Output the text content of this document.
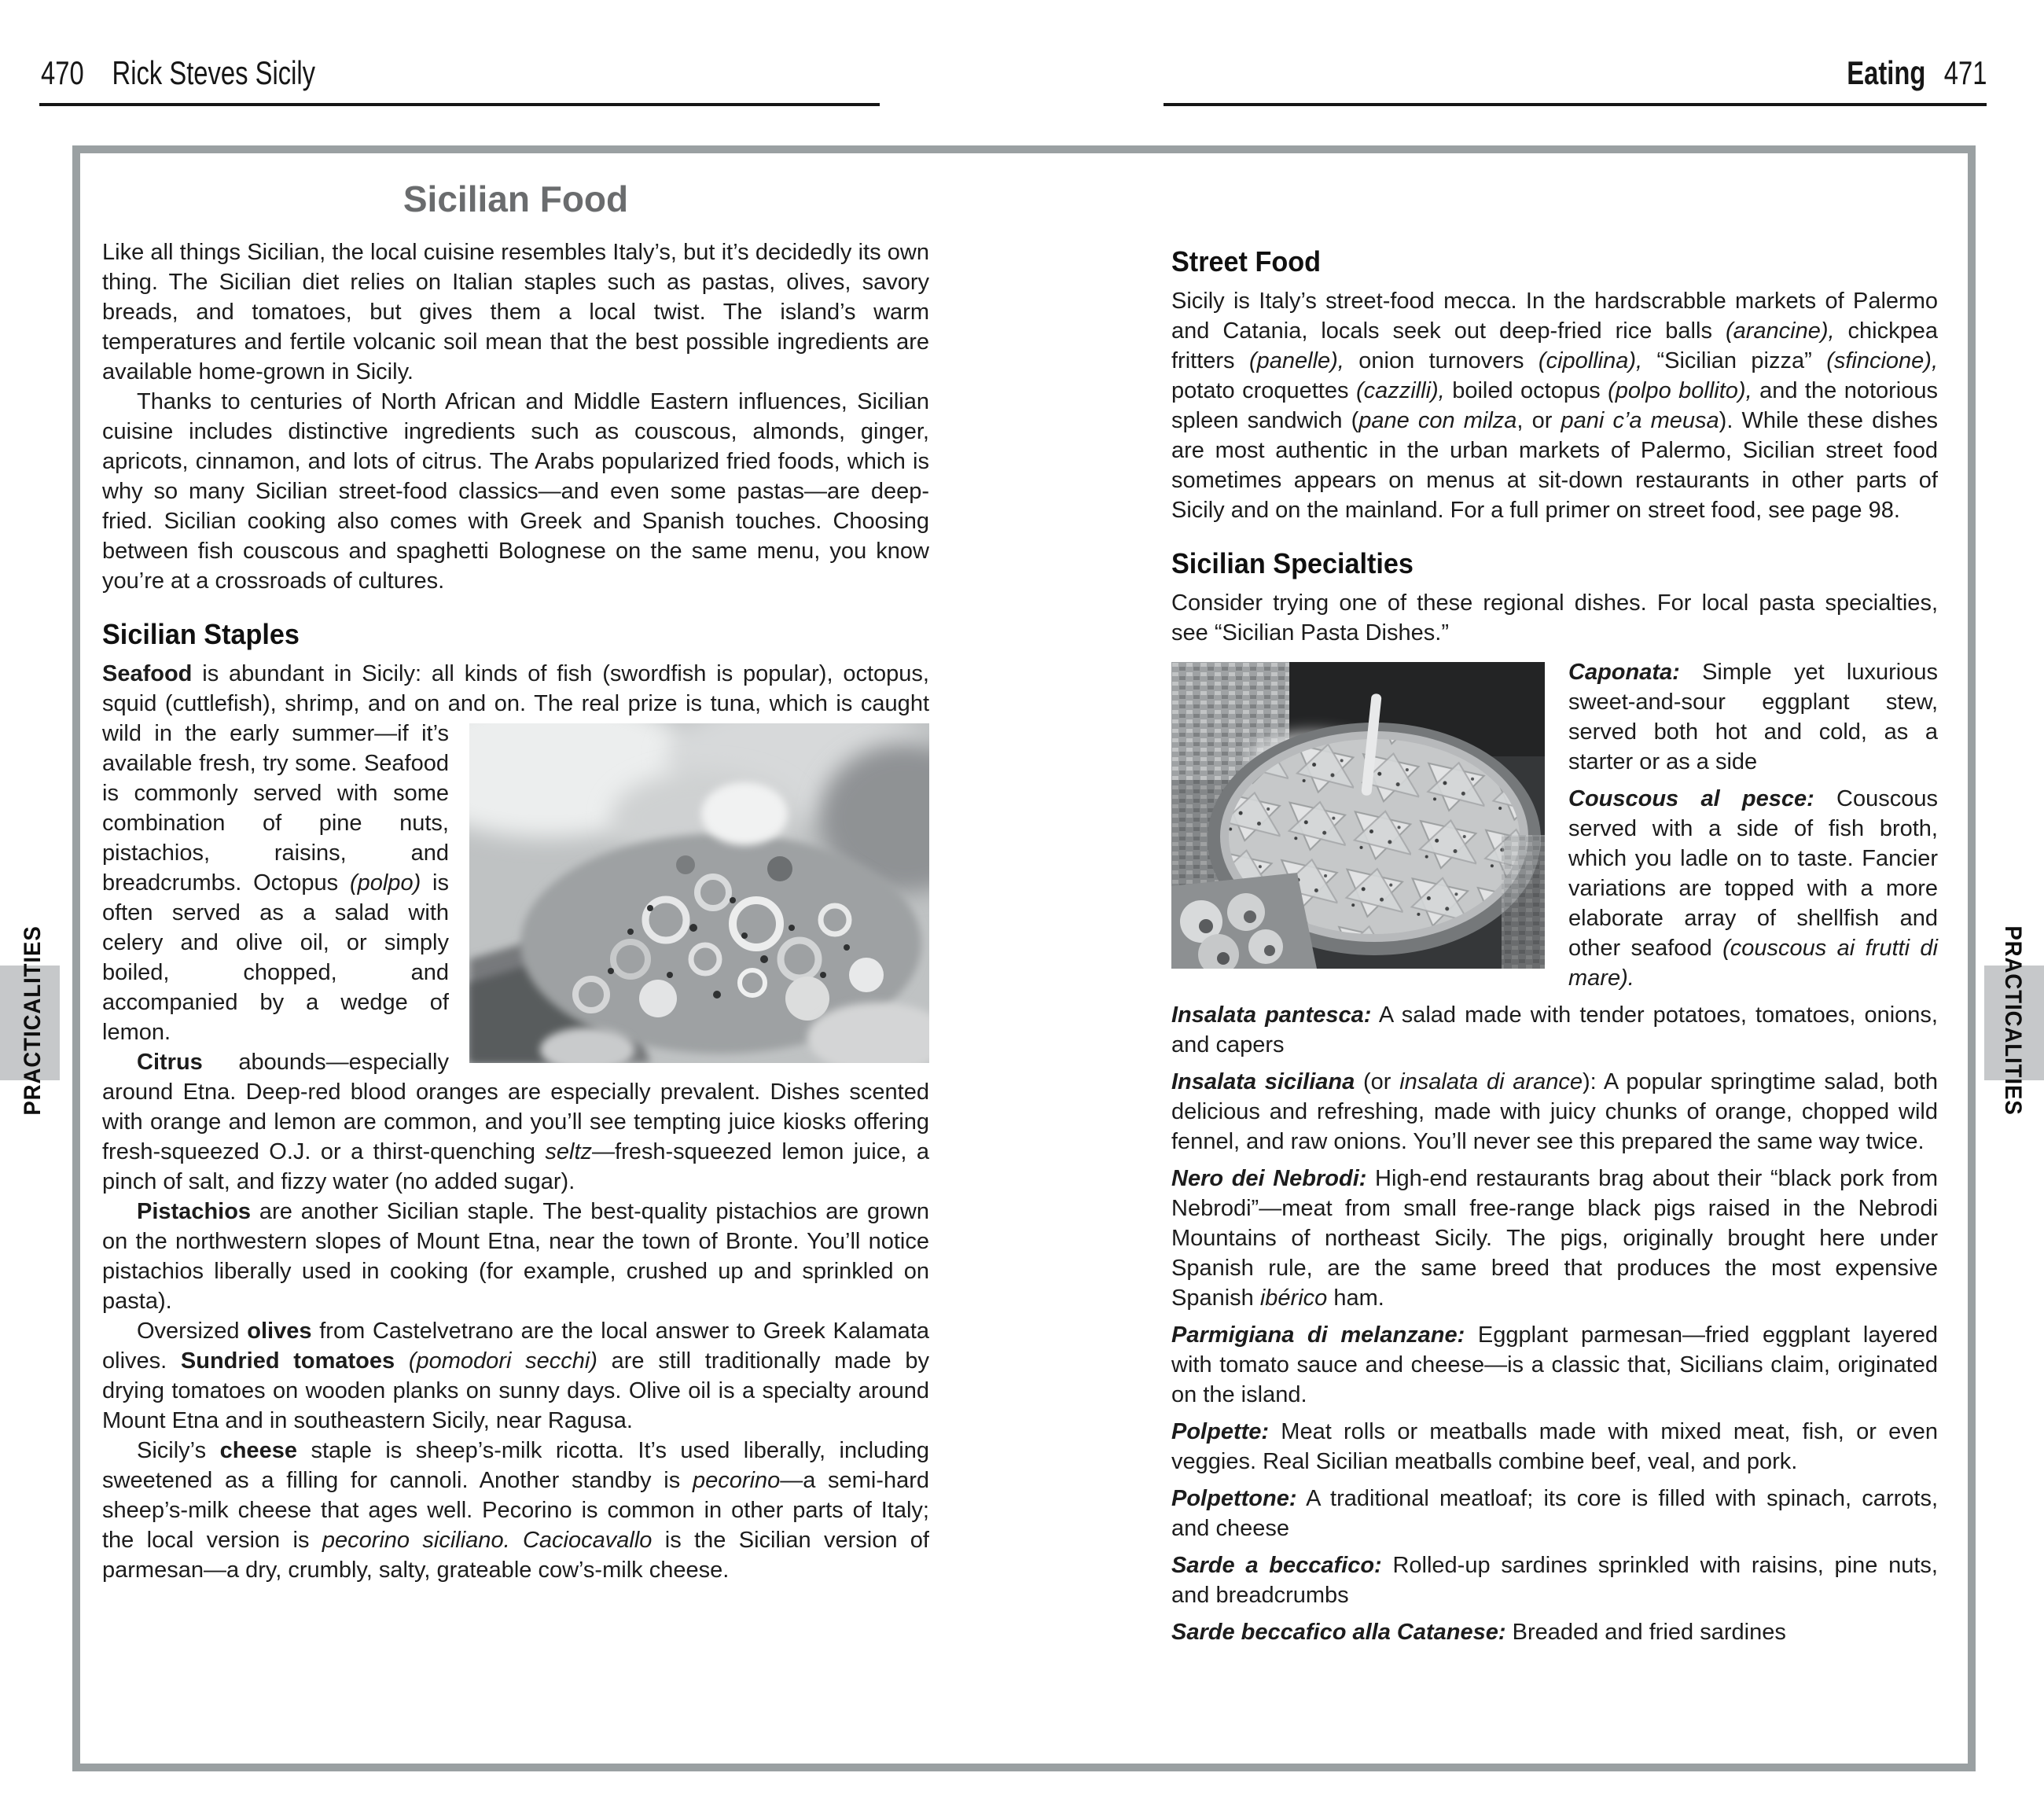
470 Rick Steves Sicily	Eating 471
PRACTICALITIES	PRACTICALITIES
Sicilian Food

Like all things Sicilian, the local cuisine resembles Italy’s, but it’s decidedly its own thing. The Sicilian diet relies on Italian staples such as pastas, olives, savory breads, and tomatoes, but gives them a local twist. The island’s warm temperatures and fertile volcanic soil mean that the best possible ingredients are available home-grown in Sicily.

Thanks to centuries of North African and Middle Eastern influences, Sicilian cuisine includes distinctive ingredients such as couscous, almonds, ginger, apricots, cinnamon, and lots of citrus. The Arabs popularized fried foods, which is why so many Sicilian street-food classics—and even some pastas—are deep-fried. Sicilian cooking also comes with Greek and Spanish touches. Choosing between fish couscous and spaghetti Bolognese on the same menu, you know you’re at a crossroads of cultures.

Sicilian Staples

Seafood is abundant in Sicily: all kinds of fish (swordfish is popular), octopus, squid (cuttlefish), shrimp, and on and on. The real
prize is tuna, which is caught wild in the early summer—if it’s available fresh, try some. Seafood is commonly served with some combination of pine nuts, pistachios, raisins, and breadcrumbs. Octopus (polpo) is often served as a salad with celery and olive oil, or simply boiled, chopped, and accompanied by a wedge of lemon.

Citrus abounds—especially around Etna. Deep-red blood oranges are especially prevalent. Dishes scented with orange and lemon are common, and you’ll see tempting juice kiosks offering fresh-squeezed O.J. or a thirst-quenching seltz—fresh-squeezed lemon juice, a pinch of salt, and fizzy water (no added sugar).

Pistachios are another Sicilian staple. The best-quality pistachios are grown on the northwestern slopes of Mount Etna, near the town of Bronte. You’ll notice pistachios liberally used in cooking (for example, crushed up and sprinkled on pasta).

Oversized olives from Castelvetrano are the local answer to Greek Kalamata olives. Sundried tomatoes (pomodori secchi) are still traditionally made by drying tomatoes on wooden planks on sunny days. Olive oil is a specialty around Mount Etna and in southeastern Sicily, near Ragusa.

Sicily’s cheese staple is sheep’s-milk ricotta. It’s used liberally, including sweetened as a filling for cannoli. Another standby is pecorino—a semi-hard sheep’s-milk cheese that ages well. Pecorino is common in other parts of Italy; the local version is pecorino siciliano. Caciocavallo is the Sicilian version of parmesan—a dry, crumbly, salty, grateable cow’s-milk cheese.

Street Food

Sicily is Italy’s street-food mecca. In the hardscrabble markets of Palermo and Catania, locals seek out deep-fried rice balls (arancine), chickpea fritters (panelle), onion turnovers (cipollina), “Sicilian pizza” (sfincione), potato croquettes (cazzilli), boiled octopus (polpo bollito), and the notorious spleen sandwich (pane con milza, or pani c’a meusa). While these dishes are most authentic in the urban markets of Palermo, Sicilian street food sometimes appears on menus at sit-down restaurants in other parts of Sicily and on the mainland. For a full primer on street food, see page 98.

Sicilian Specialties

Consider trying one of these regional dishes. For local pasta specialties, see “Sicilian Pasta Dishes.”

Caponata: Simple yet luxurious sweet-and-sour eggplant stew, served both hot and cold, as a starter or as a side

Couscous al pesce: Couscous served with a side of fish broth, which you ladle on to taste. Fancier variations are topped with a more elaborate array of shellfish and other seafood (couscous ai frutti di mare).

Insalata pantesca: A salad made with tender potatoes, tomatoes, onions, and capers

Insalata siciliana (or insalata di arance): A popular springtime salad, both delicious and refreshing, made with juicy chunks of orange, chopped wild fennel, and raw onions. You’ll never see this prepared the same way twice.

Nero dei Nebrodi: High-end restaurants brag about their “black pork from Nebrodi”—meat from small free-range black pigs raised in the Nebrodi Mountains of northeast Sicily. The pigs, originally brought here under Spanish rule, are the same breed that produces the most expensive Spanish ibérico ham.

Parmigiana di melanzane: Eggplant parmesan—fried eggplant layered with tomato sauce and cheese—is a classic that, Sicilians claim, originated on the island.

Polpette: Meat rolls or meatballs made with mixed meat, fish, or even veggies. Real Sicilian meatballs combine beef, veal, and pork.

Polpettone: A traditional meatloaf; its core is filled with spinach, carrots, and cheese

Sarde a beccafico: Rolled-up sardines sprinkled with raisins, pine nuts, and breadcrumbs

Sarde beccafico alla Catanese: Breaded and fried sardines
